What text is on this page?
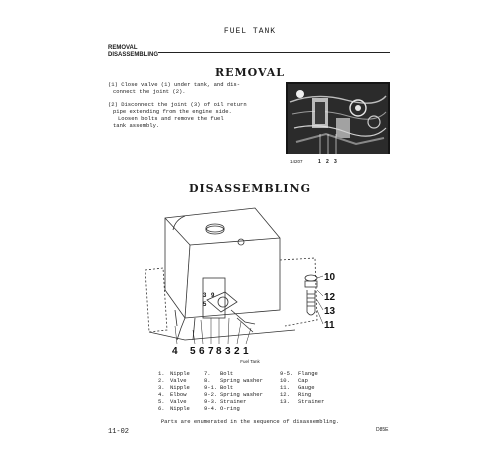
FUEL TANK
REMOVAL
DISASSEMBLING
REMOVAL
(1) Close valve (1) under tank, and dis-
connect the joint (2).
(2) Disconnect the joint (3) of oil return
pipe extending from the engine side.
Loosen bolts and remove the fuel
tank assembly.
14207	1 2 3
DISASSEMBLING
4 5 6 7 8 3 2 1
10
12
13
11
3 9
5
Fuel Tank
1. Nipple
2. Valve
3. Nipple
4. Elbow
5. Valve
6. Nipple
7.	Bolt
8.	Spring washer
9-1. Bolt
9-2. Spring washer
9-3. Strainer
9-4. O-ring
9-5. Flange
10.	Cap
11.	Gauge
12.	Ring
13.	Strainer
Parts are enumerated in the sequence of disassembling.
11-02	D85E
